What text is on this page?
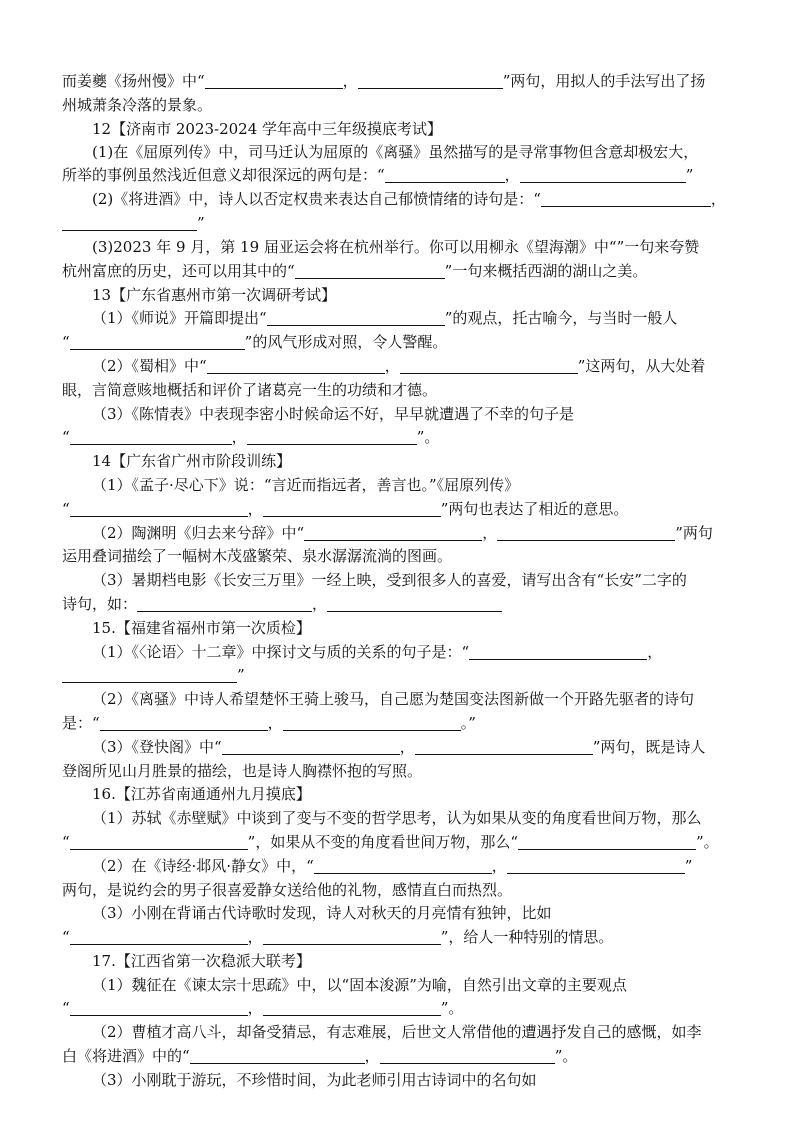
而姜夔《扬州慢》中“	，	”两句，用拟人的手法写出了扬
州城萧条冷落的景象。
12【济南市 2023-2024 学年高中三年级摸底考试】
(1)在《屈原列传》中，司马迁认为屈原的《离骚》虽然描写的是寻常事物但含意却极宏大，
所举的事例虽然浅近但意义却很深远的两句是：“	，	”
(2)《将进酒》中，诗人以否定权贵来表达自己郁愤情绪的诗句是：“	，
”
(3)2023 年 9 月，第 19 届亚运会将在杭州举行。你可以用柳永《望海潮》中“”一句来夸赞
杭州富庶的历史，还可以用其中的“	”一句来概括西湖的湖山之美。
13【广东省惠州市第一次调研考试】
（1）《师说》开篇即提出“	”的观点，托古喻今，与当时一般人
“	”的风气形成对照，令人警醒。
（2）《蜀相》中“	，	”这两句，从大处着
眼，言简意赅地概括和评价了诸葛亮一生的功绩和才德。
（3）《陈情表》中表现李密小时候命运不好，早早就遭遇了不幸的句子是
“	，	”。
14【广东省广州市阶段训练】
（1）《孟子·尽心下》说：“言近而指远者，善言也。”《屈原列传》
“	，	”两句也表达了相近的意思。
（2）陶渊明《归去来兮辞》中“	，	”两句
运用叠词描绘了一幅树木茂盛繁荣、泉水潺潺流淌的图画。
（3）暑期档电影《长安三万里》一经上映，受到很多人的喜爱，请写出含有“长安”二字的
诗句，如：	，
15.【福建省福州市第一次质检】
（1）《〈论语〉十二章》中探讨文与质的关系的句子是：“	，
”
（2）《离骚》中诗人希望楚怀王骑上骏马，自己愿为楚国变法图新做一个开路先驱者的诗句
是：“	，	。”
（3）《登快阁》中“	，	”两句，既是诗人
登阁所见山月胜景的描绘，也是诗人胸襟怀抱的写照。
16.【江苏省南通通州九月摸底】
（1）苏轼《赤壁赋》中谈到了变与不变的哲学思考，认为如果从变的角度看世间万物，那么
“	”，如果从不变的角度看世间万物，那么“	”。
（2）在《诗经·邶风·静女》中，“	，	”
两句，是说约会的男子很喜爱静女送给他的礼物，感情直白而热烈。
（3）小刚在背诵古代诗歌时发现，诗人对秋天的月亮情有独钟，比如
“	，	”，给人一种特别的情思。
17.【江西省第一次稳派大联考】
（1）魏征在《谏太宗十思疏》中，以“固本浚源”为喻，自然引出文章的主要观点
“	，	”。
（2）曹植才高八斗，却备受猜忌，有志难展，后世文人常借他的遭遇抒发自己的感慨，如李
白《将进酒》中的“	，	”。
（3）小刚耽于游玩，不珍惜时间，为此老师引用古诗词中的名句如
